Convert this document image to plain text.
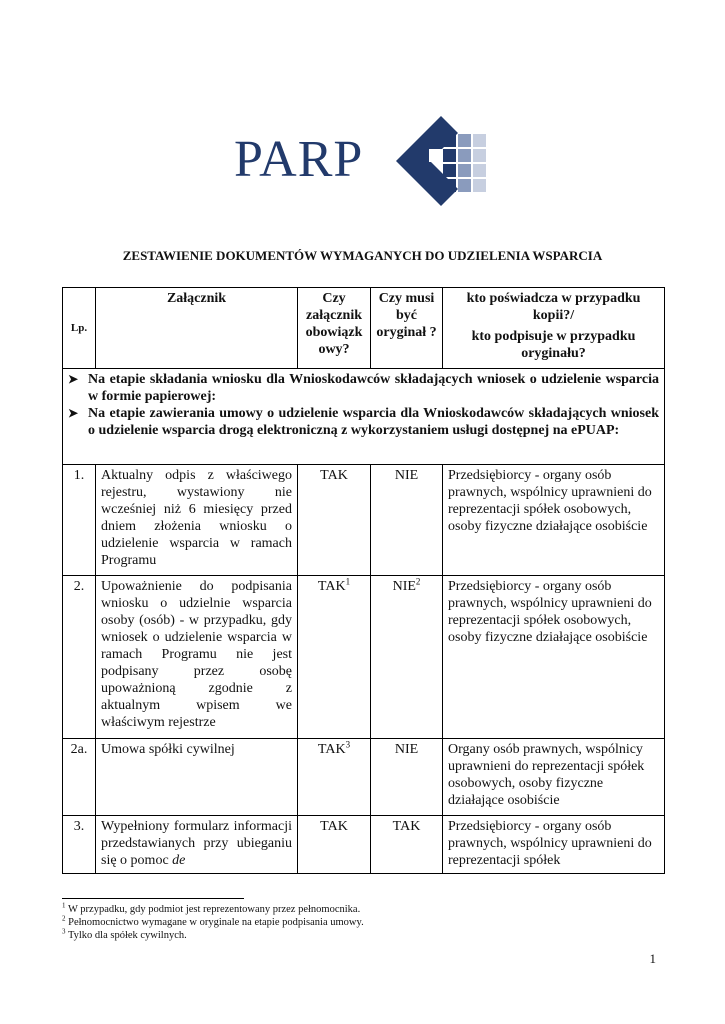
PARP
ZESTAWIENIE DOKUMENTÓW WYMAGANYCH DO UDZIELENIA WSPARCIA
Lp.	Załącznik	Czy załącznik obowiązk owy?	Czy musi być oryginał ?	kto poświadcza w przypadku kopii?/
kto podpisuje w przypadku oryginału?

➤ Na etapie składania wniosku dla Wnioskodawców składających wniosek o udzielenie wsparcia w formie papierowej:
➤ Na etapie zawierania umowy o udzielenie wsparcia dla Wnioskodawców składających wniosek o udzielenie wsparcia drogą elektroniczną z wykorzystaniem usługi dostępnej na ePUAP:				

1.	Aktualny odpis z właściwego rejestru, wystawiony nie wcześniej niż 6 miesięcy przed dniem złożenia wniosku o udzielenie wsparcia w ramach Programu	TAK	NIE	Przedsiębiorcy - organy osób prawnych, wspólnicy uprawnieni do reprezentacji spółek osobowych, osoby fizyczne działające osobiście
2.	Upoważnienie do podpisania wniosku o udzielnie wsparcia osoby (osób) - w przypadku, gdy wniosek o udzielenie wsparcia w ramach Programu nie jest podpisany przez osobę upoważnioną zgodnie z aktualnym wpisem we właściwym rejestrze	TAK$^1$	NIE$^2$	Przedsiębiorcy - organy osób prawnych, wspólnicy uprawnieni do reprezentacji spółek osobowych, osoby fizyczne działające osobiście
2a.	Umowa spółki cywilnej	TAK$^3$	NIE	Organy osób prawnych, wspólnicy uprawnieni do reprezentacji spółek osobowych, osoby fizyczne działające osobiście
3.	Wypełniony formularz informacji przedstawianych przy ubieganiu się o pomoc de	TAK	TAK	Przedsiębiorcy - organy osób prawnych, wspólnicy uprawnieni do reprezentacji spółek
$^1$ W przypadku, gdy podmiot jest reprezentowany przez pełnomocnika.
$^2$ Pełnomocnictwo wymagane w oryginale na etapie podpisania umowy.
$^3$ Tylko dla spółek cywilnych.
1
